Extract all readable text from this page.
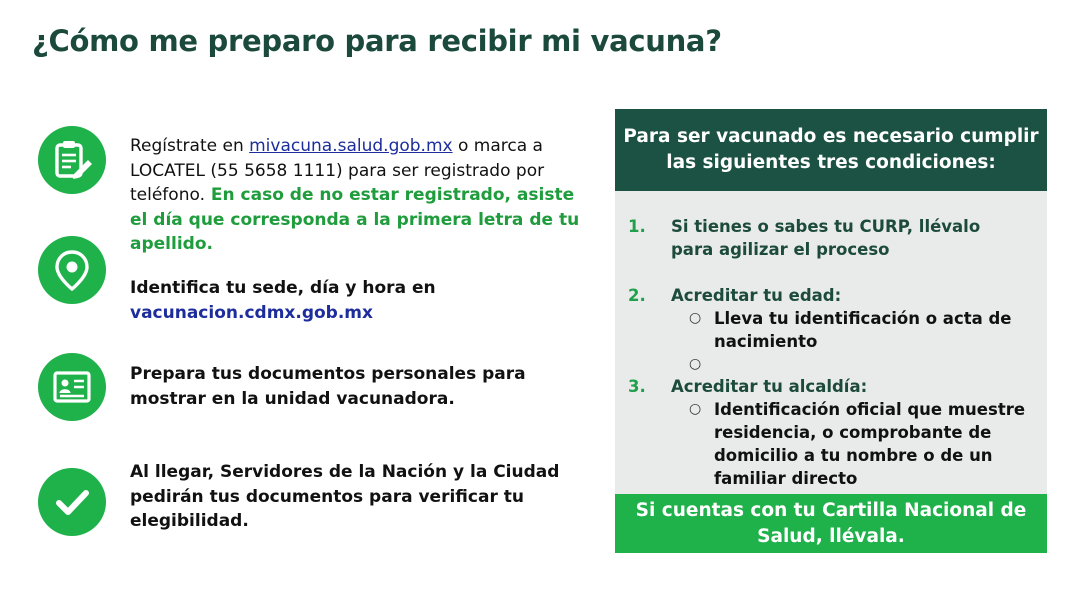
¿Cómo me preparo para recibir mi vacuna?

Regístrate en mivacuna.salud.gob.mx o marca a LOCATEL (55 5658 1111) para ser registrado por teléfono. En caso de no estar registrado, asiste el día que corresponda a la primera letra de tu apellido.

Identifica tu sede, día y hora en

vacunacion.cdmx.gob.mx

Prepara tus documentos personales para mostrar en la unidad vacunadora.

Al llegar, Servidores de la Nación y la Ciudad pedirán tus documentos para verificar tu elegibilidad.

Para ser vacunado es necesario cumplir las siguientes tres condiciones:
1. Si tienes o sabes tu CURP, llévalo para agilizar el proceso
2. Acreditar tu edad:
○ Lleva tu identificación o acta de nacimiento
○
3. Acreditar tu alcaldía:
○ Identificación oficial que muestre residencia, o comprobante de domicilio a tu nombre o de un familiar directo
Si cuentas con tu Cartilla Nacional de Salud, llévala.
